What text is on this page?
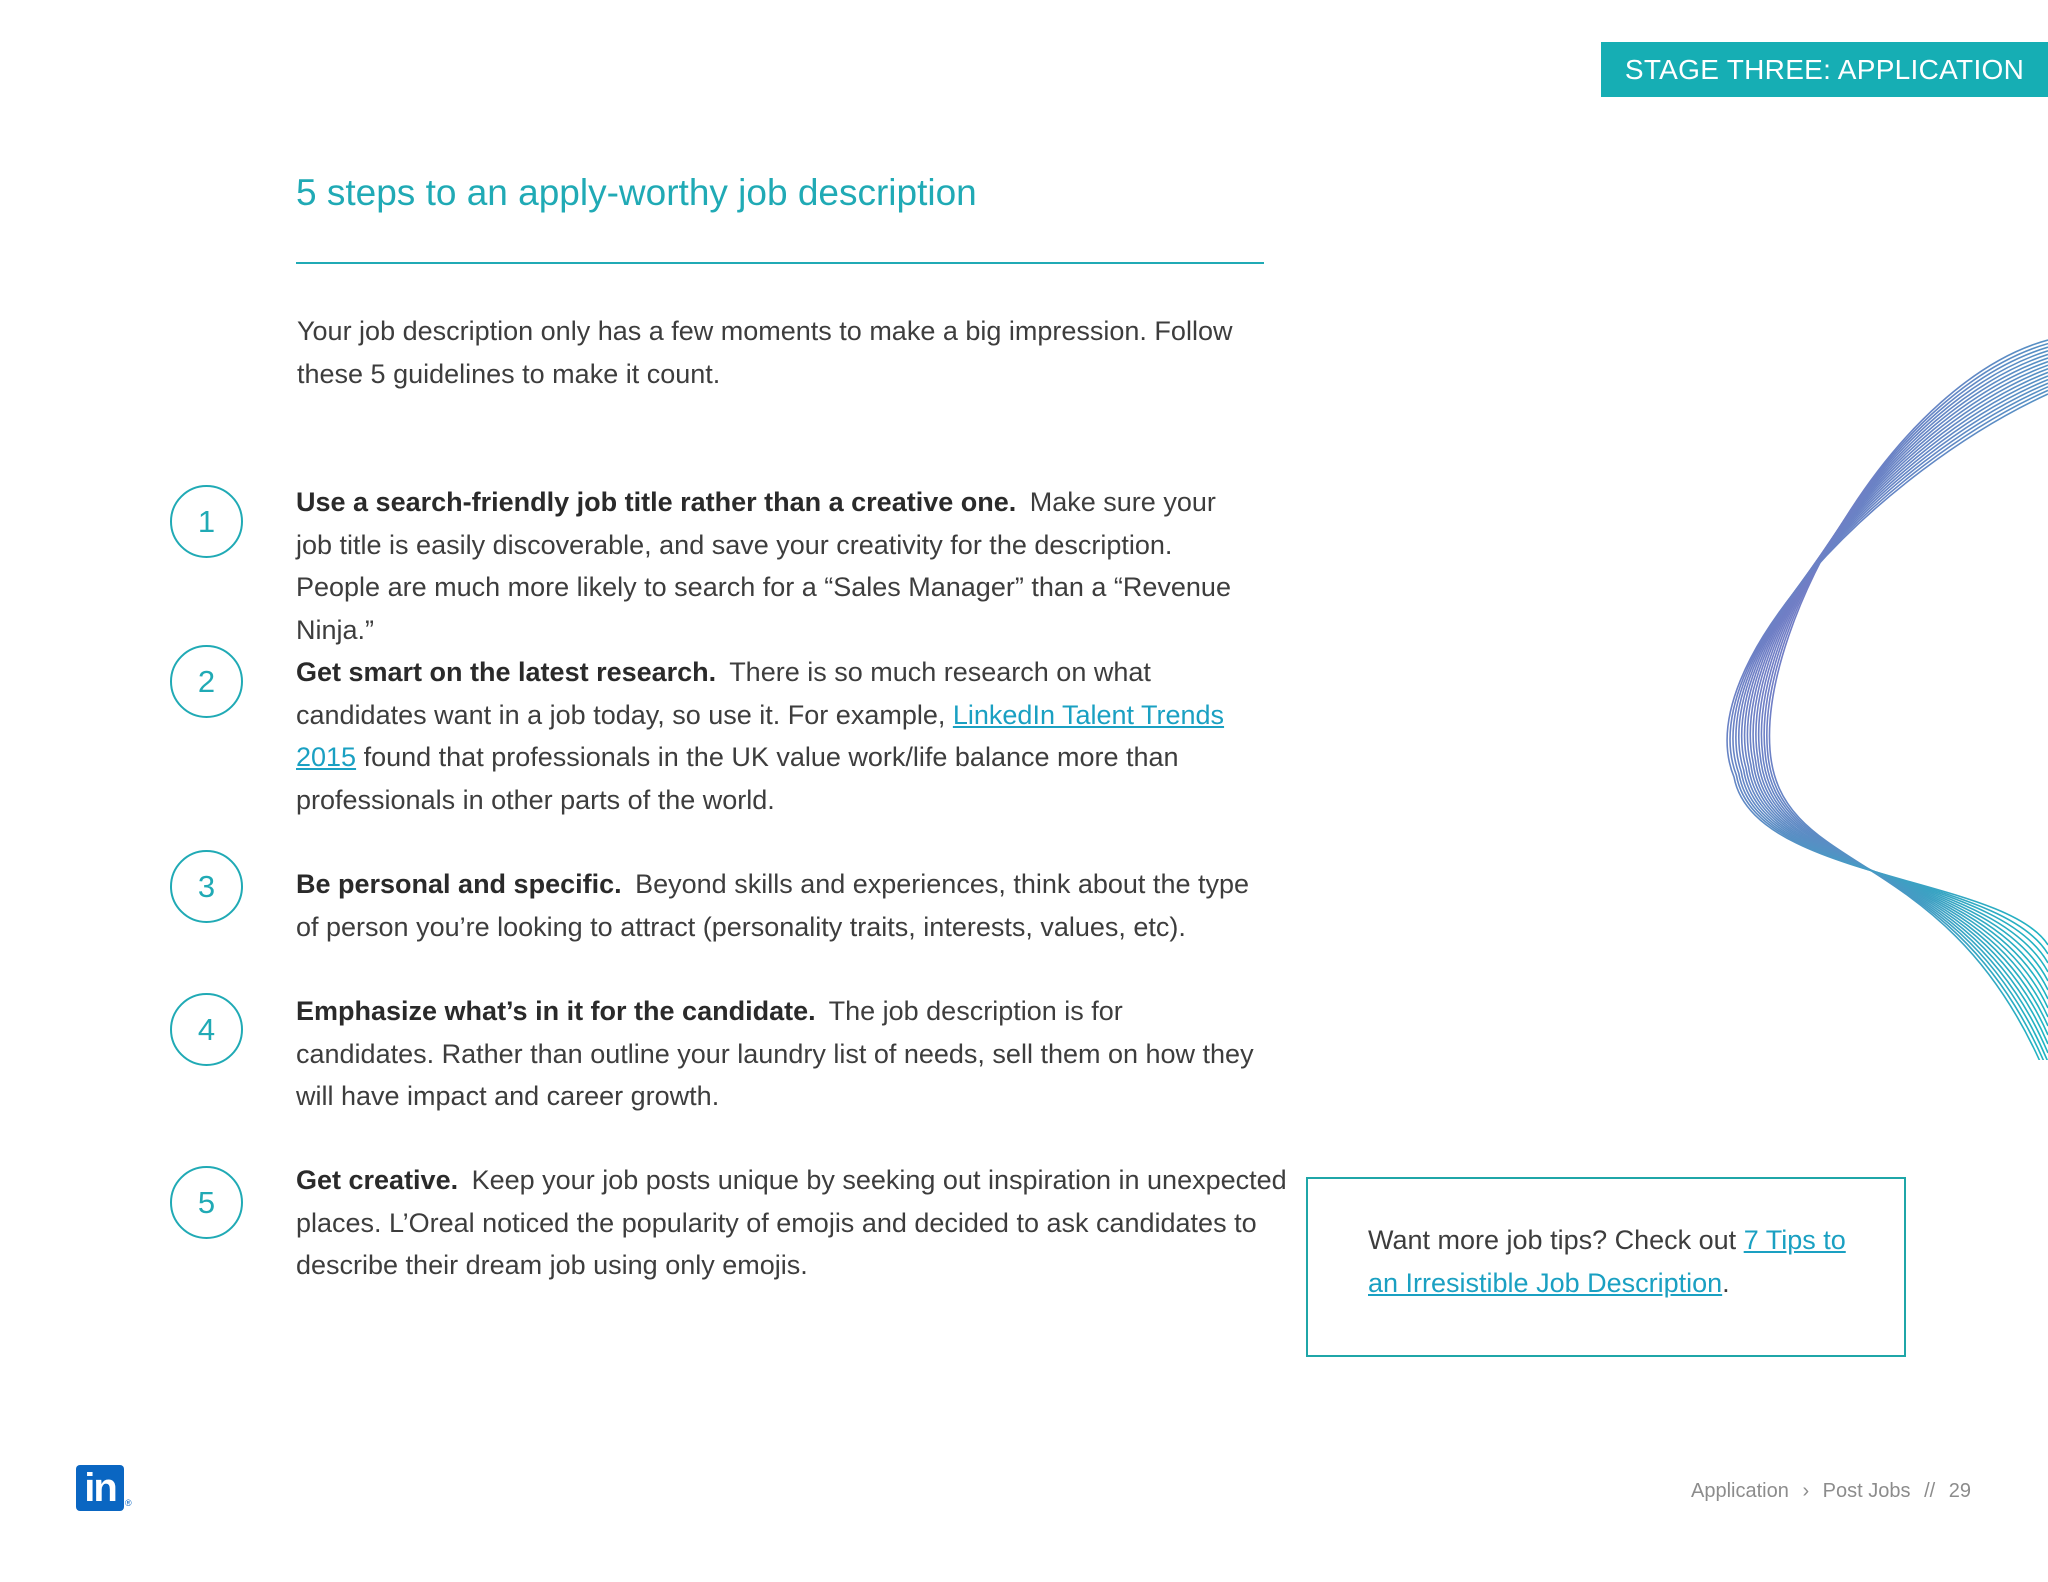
STAGE THREE: APPLICATION
5 steps to an apply-worthy job description

Your job description only has a few moments to make a big impression. Follow these 5 guidelines to make it count.

1

Use a search-friendly job title rather than a creative one. Make sure your job title is easily discoverable, and save your creativity for the description. People are much more likely to search for a “Sales Manager” than a “Revenue Ninja.”

2	Get smart on the latest research. There is so much research on what candidates want in a job today, so use it. For example, LinkedIn Talent Trends 2015 found that professionals in the UK value work/life balance more than professionals in other parts of the world.

3	Be personal and specific. Beyond skills and experiences, think about the type of person you’re looking to attract (personality traits, interests, values, etc).

4

Emphasize what’s in it for the candidate. The job description is for candidates. Rather than outline your laundry list of needs, sell them on how they will have impact and career growth.

5

Get creative. Keep your job posts unique by seeking out inspiration in unexpected places. L’Oreal noticed the popularity of emojis and decided to ask candidates to describe their dream job using only emojis.

Want more job tips? Check out 7 Tips to an Irresistible Job Description.
in	®
Application › Post Jobs // 29
